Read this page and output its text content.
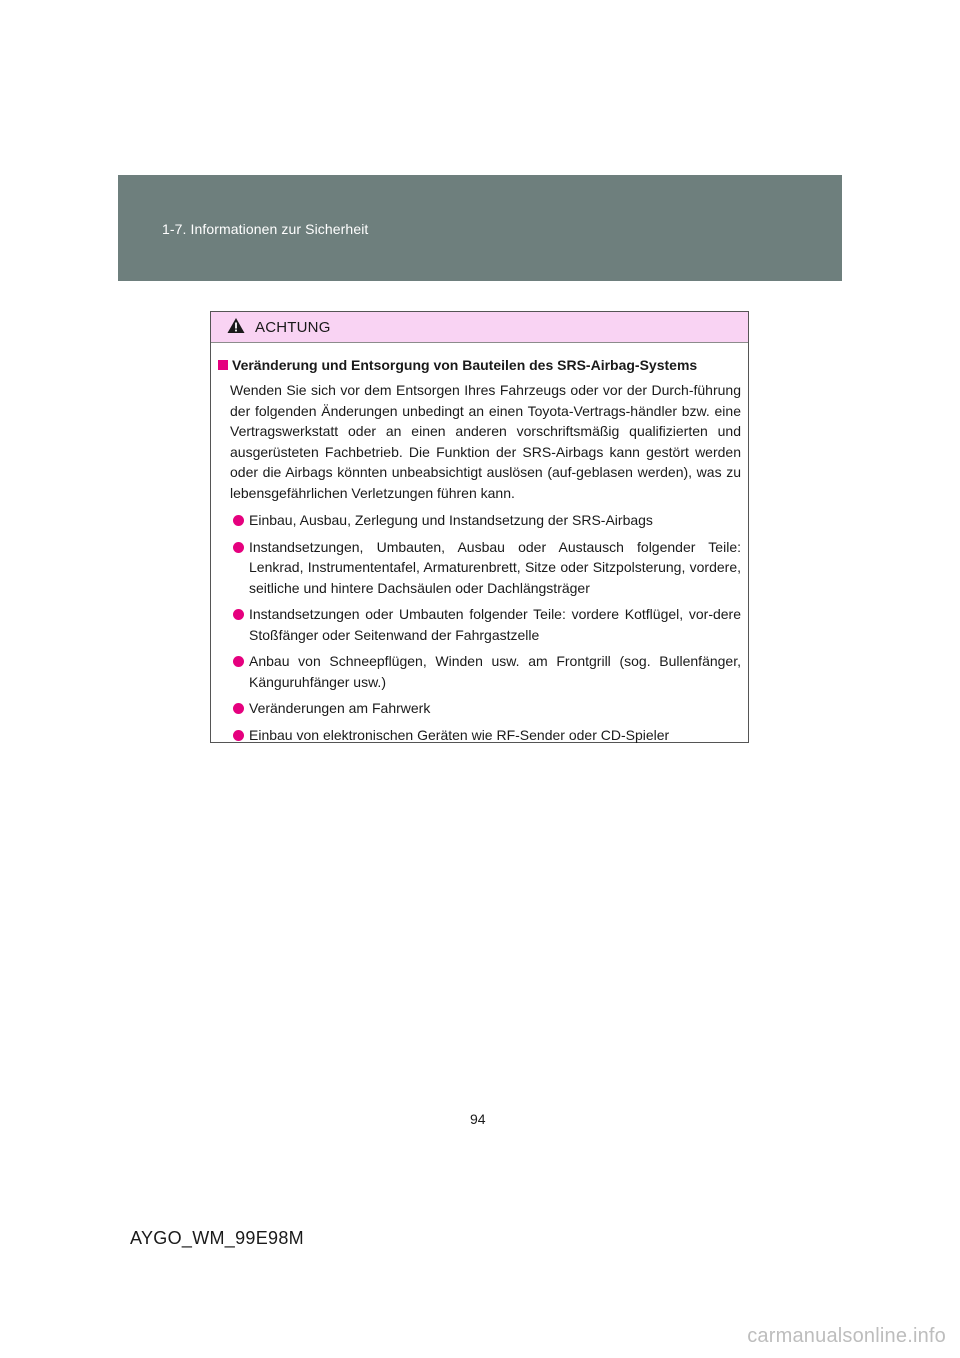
1-7. Informationen zur Sicherheit
ACHTUNG
Veränderung und Entsorgung von Bauteilen des SRS-Airbag-Systems
Wenden Sie sich vor dem Entsorgen Ihres Fahrzeugs oder vor der Durch-führung der folgenden Änderungen unbedingt an einen Toyota-Vertrags-händler bzw. eine Vertragswerkstatt oder an einen anderen vorschriftsmäßig qualifizierten und ausgerüsteten Fachbetrieb. Die Funktion der SRS-Airbags kann gestört werden oder die Airbags könnten unbeabsichtigt auslösen (auf-geblasen werden), was zu lebensgefährlichen Verletzungen führen kann.
Einbau, Ausbau, Zerlegung und Instandsetzung der SRS-Airbags
Instandsetzungen, Umbauten, Ausbau oder Austausch folgender Teile: Lenkrad, Instrumententafel, Armaturenbrett, Sitze oder Sitzpolsterung, vordere, seitliche und hintere Dachsäulen oder Dachlängsträger
Instandsetzungen oder Umbauten folgender Teile: vordere Kotflügel, vor-dere Stoßfänger oder Seitenwand der Fahrgastzelle
Anbau von Schneepflügen, Winden usw. am Frontgrill (sog. Bullenfänger, Känguruhfänger usw.)
Veränderungen am Fahrwerk
Einbau von elektronischen Geräten wie RF-Sender oder CD-Spieler
94
AYGO_WM_99E98M
carmanualsonline.info
